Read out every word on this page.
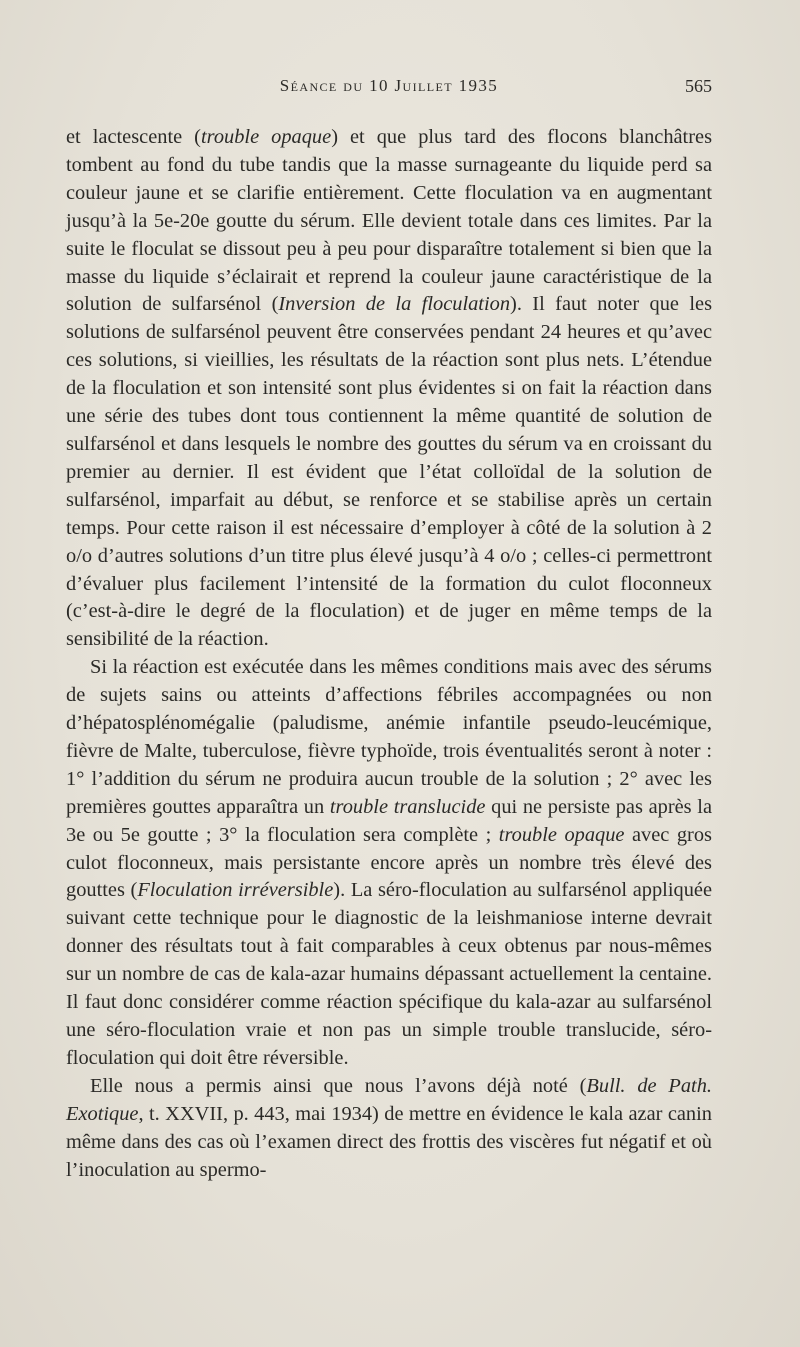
Séance du 10 Juillet 1935	565

et lactescente (trouble opaque) et que plus tard des flocons blanchâtres tombent au fond du tube tandis que la masse surnageante du liquide perd sa couleur jaune et se clarifie entièrement. Cette floculation va en augmentant jusqu’à la 5e-20e goutte du sérum. Elle devient totale dans ces limites. Par la suite le floculat se dissout peu à peu pour disparaître totalement si bien que la masse du liquide s’éclairait et reprend la couleur jaune caractéristique de la solution de sulfarsénol (Inversion de la floculation). Il faut noter que les solutions de sulfarsénol peuvent être conservées pendant 24 heures et qu’avec ces solutions, si vieillies, les résultats de la réaction sont plus nets. L’étendue de la floculation et son intensité sont plus évidentes si on fait la réaction dans une série des tubes dont tous contiennent la même quantité de solution de sulfarsénol et dans lesquels le nombre des gouttes du sérum va en croissant du premier au dernier. Il est évident que l’état colloïdal de la solution de sulfarsénol, imparfait au début, se renforce et se stabilise après un certain temps. Pour cette raison il est nécessaire d’employer à côté de la solution à 2 o/o d’autres solutions d’un titre plus élevé jusqu’à 4 o/o ; celles-ci permettront d’évaluer plus facilement l’intensité de la formation du culot floconneux (c’est-à-dire le degré de la floculation) et de juger en même temps de la sensibilité de la réaction.

Si la réaction est exécutée dans les mêmes conditions mais avec des sérums de sujets sains ou atteints d’affections fébriles accompagnées ou non d’hépatosplénomégalie (paludisme, anémie infantile pseudo-leucémique, fièvre de Malte, tuberculose, fièvre typhoïde, trois éventualités seront à noter : 1° l’addition du sérum ne produira aucun trouble de la solution ; 2° avec les premières gouttes apparaîtra un trouble translucide qui ne persiste pas après la 3e ou 5e goutte ; 3° la floculation sera complète ; trouble opaque avec gros culot floconneux, mais persistante encore après un nombre très élevé des gouttes (Floculation irréversible). La séro-floculation au sulfarsénol appliquée suivant cette technique pour le diagnostic de la leishmaniose interne devrait donner des résultats tout à fait comparables à ceux obtenus par nous-mêmes sur un nombre de cas de kala-azar humains dépassant actuellement la centaine. Il faut donc considérer comme réaction spécifique du kala-azar au sulfarsénol une séro-floculation vraie et non pas un simple trouble translucide, séro-floculation qui doit être réversible.

Elle nous a permis ainsi que nous l’avons déjà noté (Bull. de Path. Exotique, t. XXVII, p. 443, mai 1934) de mettre en évidence le kala azar canin même dans des cas où l’examen direct des frottis des viscères fut négatif et où l’inoculation au spermo-
